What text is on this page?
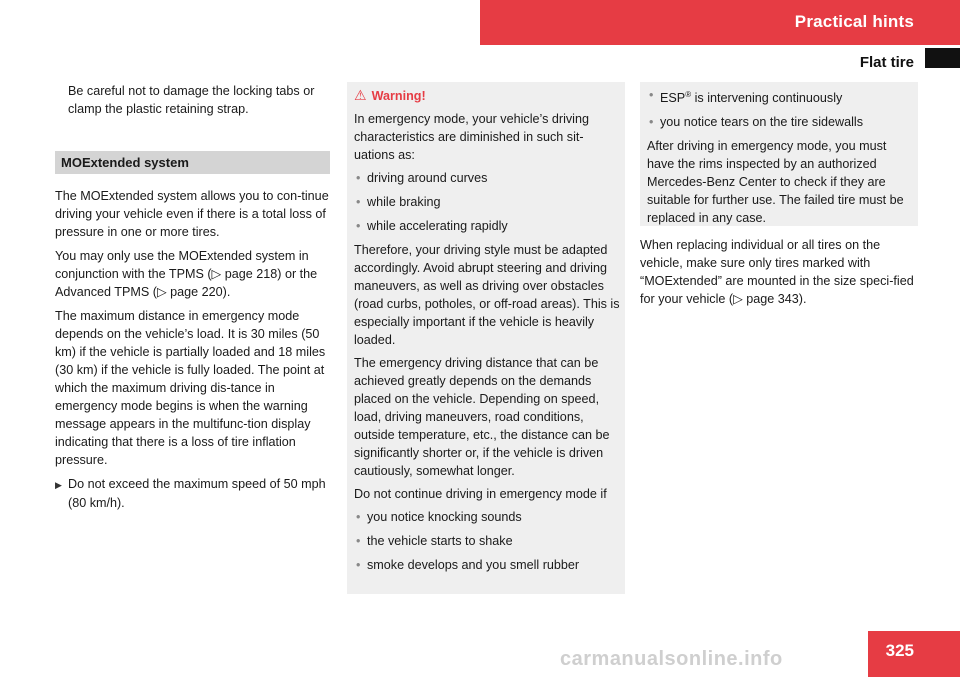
Practical hints
Flat tire

Be careful not to damage the locking tabs or clamp the plastic retaining strap.

MOExtended system

The MOExtended system allows you to con-tinue driving your vehicle even if there is a total loss of pressure in one or more tires.

You may only use the MOExtended system in conjunction with the TPMS (▷ page 218) or the Advanced TPMS (▷ page 220).

The maximum distance in emergency mode depends on the vehicle’s load. It is 30 miles (50 km) if the vehicle is partially loaded and 18 miles (30 km) if the vehicle is fully loaded. The point at which the maximum driving dis-tance in emergency mode begins is when the warning message appears in the multifunc-tion display indicating that there is a loss of tire inflation pressure.

▶ Do not exceed the maximum speed of 50 mph (80 km/h).

⚠ Warning!

In emergency mode, your vehicle’s driving characteristics are diminished in such sit-uations as:

• driving around curves
• while braking
• while accelerating rapidly

Therefore, your driving style must be adapted accordingly. Avoid abrupt steering and driving maneuvers, as well as driving over obstacles (road curbs, potholes, or off-road areas). This is especially important if the vehicle is heavily loaded.

The emergency driving distance that can be achieved greatly depends on the demands placed on the vehicle. Depending on speed, load, driving maneuvers, road conditions, outside temperature, etc., the distance can be significantly shorter or, if the vehicle is driven cautiously, somewhat longer.

Do not continue driving in emergency mode if

• you notice knocking sounds
• the vehicle starts to shake
• smoke develops and you smell rubber
• ESP® is intervening continuously
• you notice tears on the tire sidewalls

After driving in emergency mode, you must have the rims inspected by an authorized Mercedes-Benz Center to check if they are suitable for further use. The failed tire must be replaced in any case.

When replacing individual or all tires on the vehicle, make sure only tires marked with “MOExtended” are mounted in the size speci-fied for your vehicle (▷ page 343).

325
carmanualsonline.info
